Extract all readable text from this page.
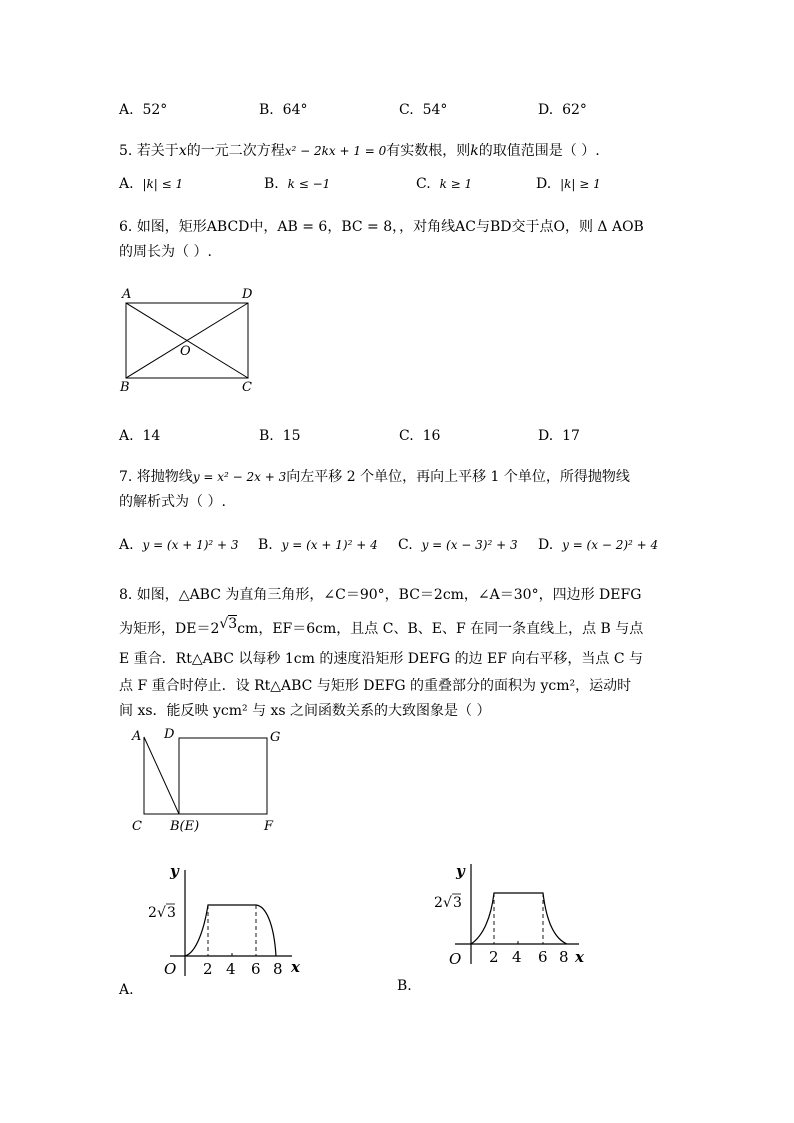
A. 52°	B. 64°	C. 54°	D. 62°
5. 若关于x的一元二次方程x² − 2kx + 1 = 0有实数根，则k的取值范围是（ ）.
A. |k| ≤ 1	B. k ≤ −1	C. k ≥ 1	D. |k| ≥ 1
6. 如图，矩形ABCD中，AB = 6，BC = 8，，对角线AC与BD交于点O，则 Δ AOB
的周长为（ ）.
A	D
O
B	C
A. 14	B. 15	C. 16	D. 17
7. 将抛物线y = x² − 2x + 3向左平移 2 个单位，再向上平移 1 个单位，所得抛物线
的解析式为（ ）.
A. y = (x + 1)² + 3 B. y = (x + 1)² + 4 C. y = (x − 3)² + 3 D. y = (x − 2)² + 4
8. 如图，△ABC 为直角三角形，∠C＝90°，BC＝2cm，∠A＝30°，四边形 DEFG
为矩形，DE＝2√3cm，EF＝6cm，且点 C、B、E、F 在同一条直线上，点 B 与点
E 重合．Rt△ABC 以每秒 1cm 的速度沿矩形 DEFG 的边 EF 向右平移，当点 C 与
点 F 重合时停止．设 Rt△ABC 与矩形 DEFG 的重叠部分的面积为 ycm²，运动时
间 xs．能反映 ycm² 与 xs 之间函数关系的大致图象是（ ）
A D	G
C B(E)	F
y
x
O
2 √ 3
2 4 6 8
A.
y
x
O
2 √ 3
2 4 6 8
B.
